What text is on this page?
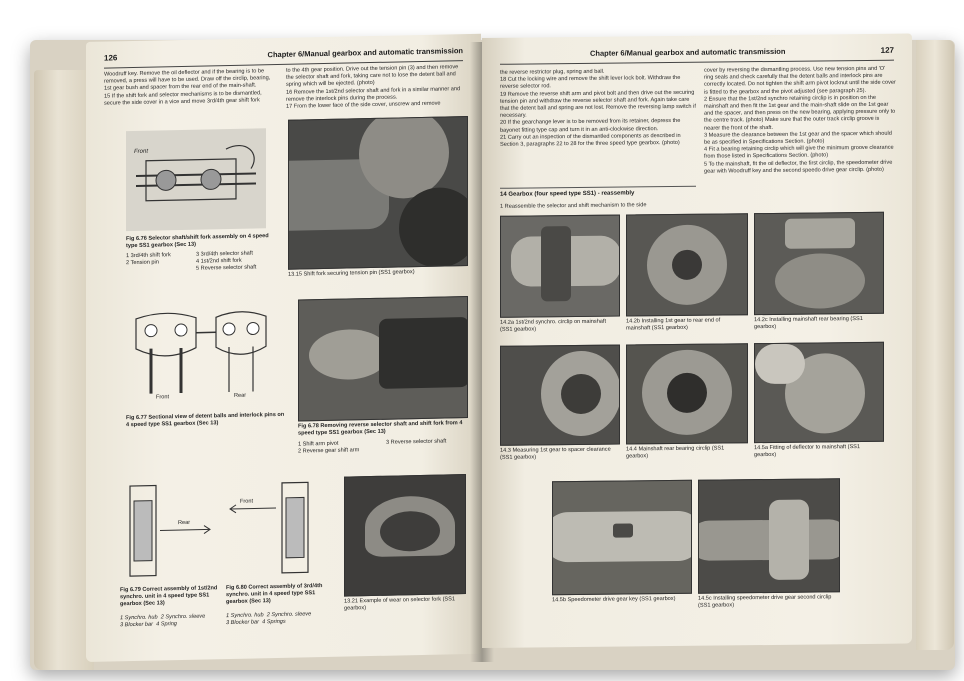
126	Chapter 6/Manual gearbox and automatic transmission
Woodruff key. Remove the oil deflector and if the bearing is to be removed, a press will have to be used. Draw off the circlip, bearing, 1st gear bush and spacer from the rear end of the main-shaft.
15 If the shift fork and selector mechanisms is to be dismantled, secure the side cover in a vice and move 3rd/4th gear shift fork
to the 4th gear position. Drive out the tension pin (3) and then remove the selector shaft and fork, taking care not to lose the detent ball and spring which will be ejected. (photo)
16 Remove the 1st/2nd selector shaft and fork in a similar manner and remove the interlock pins during the process.
17 From the lower face of the side cover, unscrew and remove
Front
Fig 6.76 Selector shaft/shift fork assembly on 4 speed type SS1 gearbox (Sec 13)
1 3rd/4th shift fork
2 Tension pin
3 3rd/4th selector shaft
4 1st/2nd shift fork
5 Reverse selector shaft
13.15 Shift fork securing tension pin (SS1 gearbox)
Front	Rear
Fig 6.77 Sectional view of detent balls and interlock pins on 4 speed type SS1 gearbox (Sec 13)	Fig 6.78 Removing reverse selector shaft and shift fork from 4 speed type SS1 gearbox (Sec 13)
1 Shift arm pivot
2 Reverse gear shift arm
3 Reverse selector shaft
Rear
Fig 6.79 Correct assembly of 1st/2nd synchro. unit in 4 speed type SS1 gearbox (Sec 13)
1 Synchro. hub 2 Synchro. sleeve
3 Blocker bar 4 Spring
Front
Fig 6.80 Correct assembly of 3rd/4th synchro. unit in 4 speed type SS1 gearbox (Sec 13)
1 Synchro. hub 2 Synchro. sleeve
3 Blocker bar 4 Springs
13.21 Example of wear on selector fork (SS1 gearbox)
Chapter 6/Manual gearbox and automatic transmission	127
the reverse restrictor plug, spring and ball.
18 Cut the locking wire and remove the shift lever lock bolt. Withdraw the reverse selector rod.
19 Remove the reverse shift arm and pivot bolt and then drive out the securing tension pin and withdraw the reverse selector shaft and fork. Again take care that the detent ball and spring are not lost. Remove the reversing lamp switch if necessary.
20 If the gearchange lever is to be removed from its retainer, depress the bayonet fitting type cap and turn it in an anti-clockwise direction.
21 Carry out an inspection of the dismantled components as described in Section 3, paragraphs 22 to 28 for the three speed type gearbox. (photo)
cover by reversing the dismantling process. Use new tension pins and 'O' ring seals and check carefully that the detent balls and interlock pins are correctly located. Do not tighten the shift arm pivot locknut until the side cover is fitted to the gearbox and the pivot adjusted (see paragraph 25).
2 Ensure that the 1st/2nd synchro retaining circlip is in position on the mainshaft and then fit the 1st gear and the main-shaft slide on the 1st gear and the spacer, and then press on the new bearing, applying pressure only to the centre track. (photo) Make sure that the outer track circlip groove is nearer the front of the shaft.
3 Measure the clearance between the 1st gear and the spacer which should be as specified in Specifications Section. (photo)
4 Fit a bearing retaining circlip which will give the minimum groove clearance from those listed in Specifications Section. (photo)
5 To the mainshaft, fit the oil deflector, the first circlip, the speedometer drive gear with Woodruff key and the second speedo drive gear circlip. (photo)
14 Gearbox (four speed type SS1) - reassembly
1 Reassemble the selector and shift mechanism to the side
14.2a 1st/2nd synchro. circlip on mainshaft (SS1 gearbox)
14.2b Installing 1st gear to rear end of mainshaft (SS1 gearbox)
14.2c Installing mainshaft rear bearing (SS1 gearbox)
14.3 Measuring 1st gear to spacer clearance (SS1 gearbox)
14.4 Mainshaft rear bearing circlip (SS1 gearbox)
14.5a Fitting of deflector to mainshaft (SS1 gearbox)
14.5b Speedometer drive gear key (SS1 gearbox)	14.5c Installing speedometer drive gear second circlip (SS1 gearbox)
